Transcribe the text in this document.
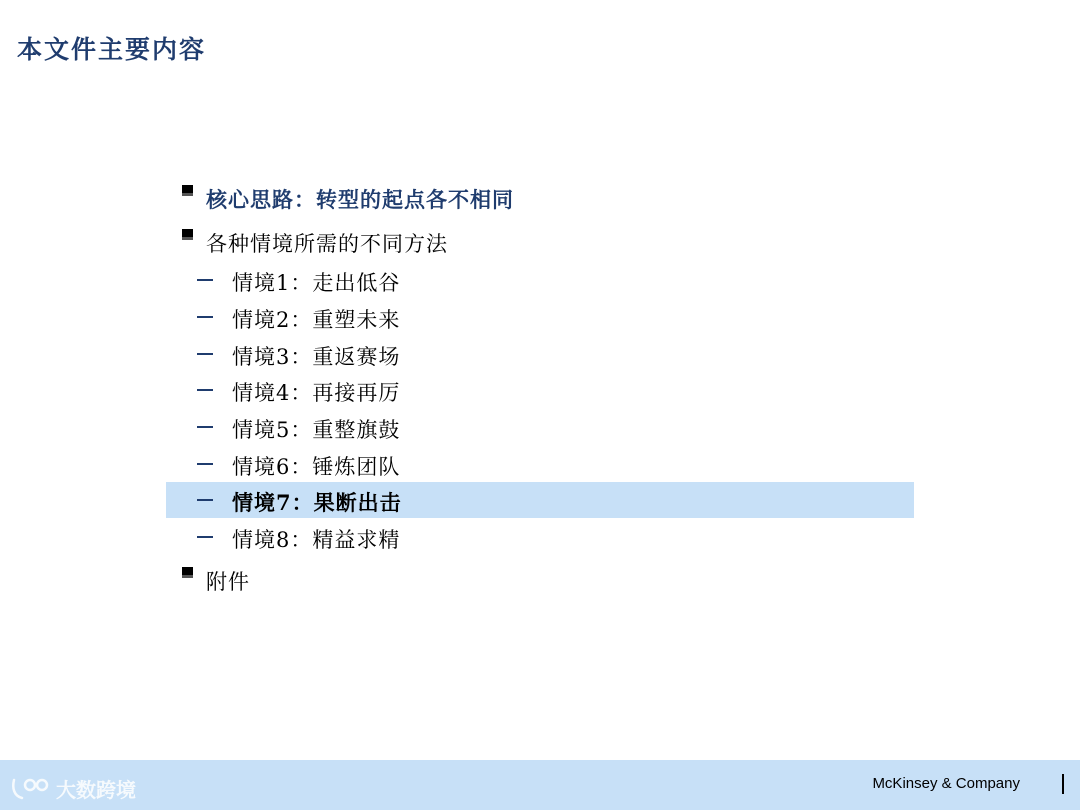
本文件主要内容
核心思路：转型的起点各不相同
各种情境所需的不同方法
情境1：走出低谷
情境2：重塑未来
情境3：重返赛场
情境4：再接再厉
情境5：重整旗鼓
情境6：锤炼团队
情境7：果断出击
情境8：精益求精
附件
大数跨境	McKinsey & Company
